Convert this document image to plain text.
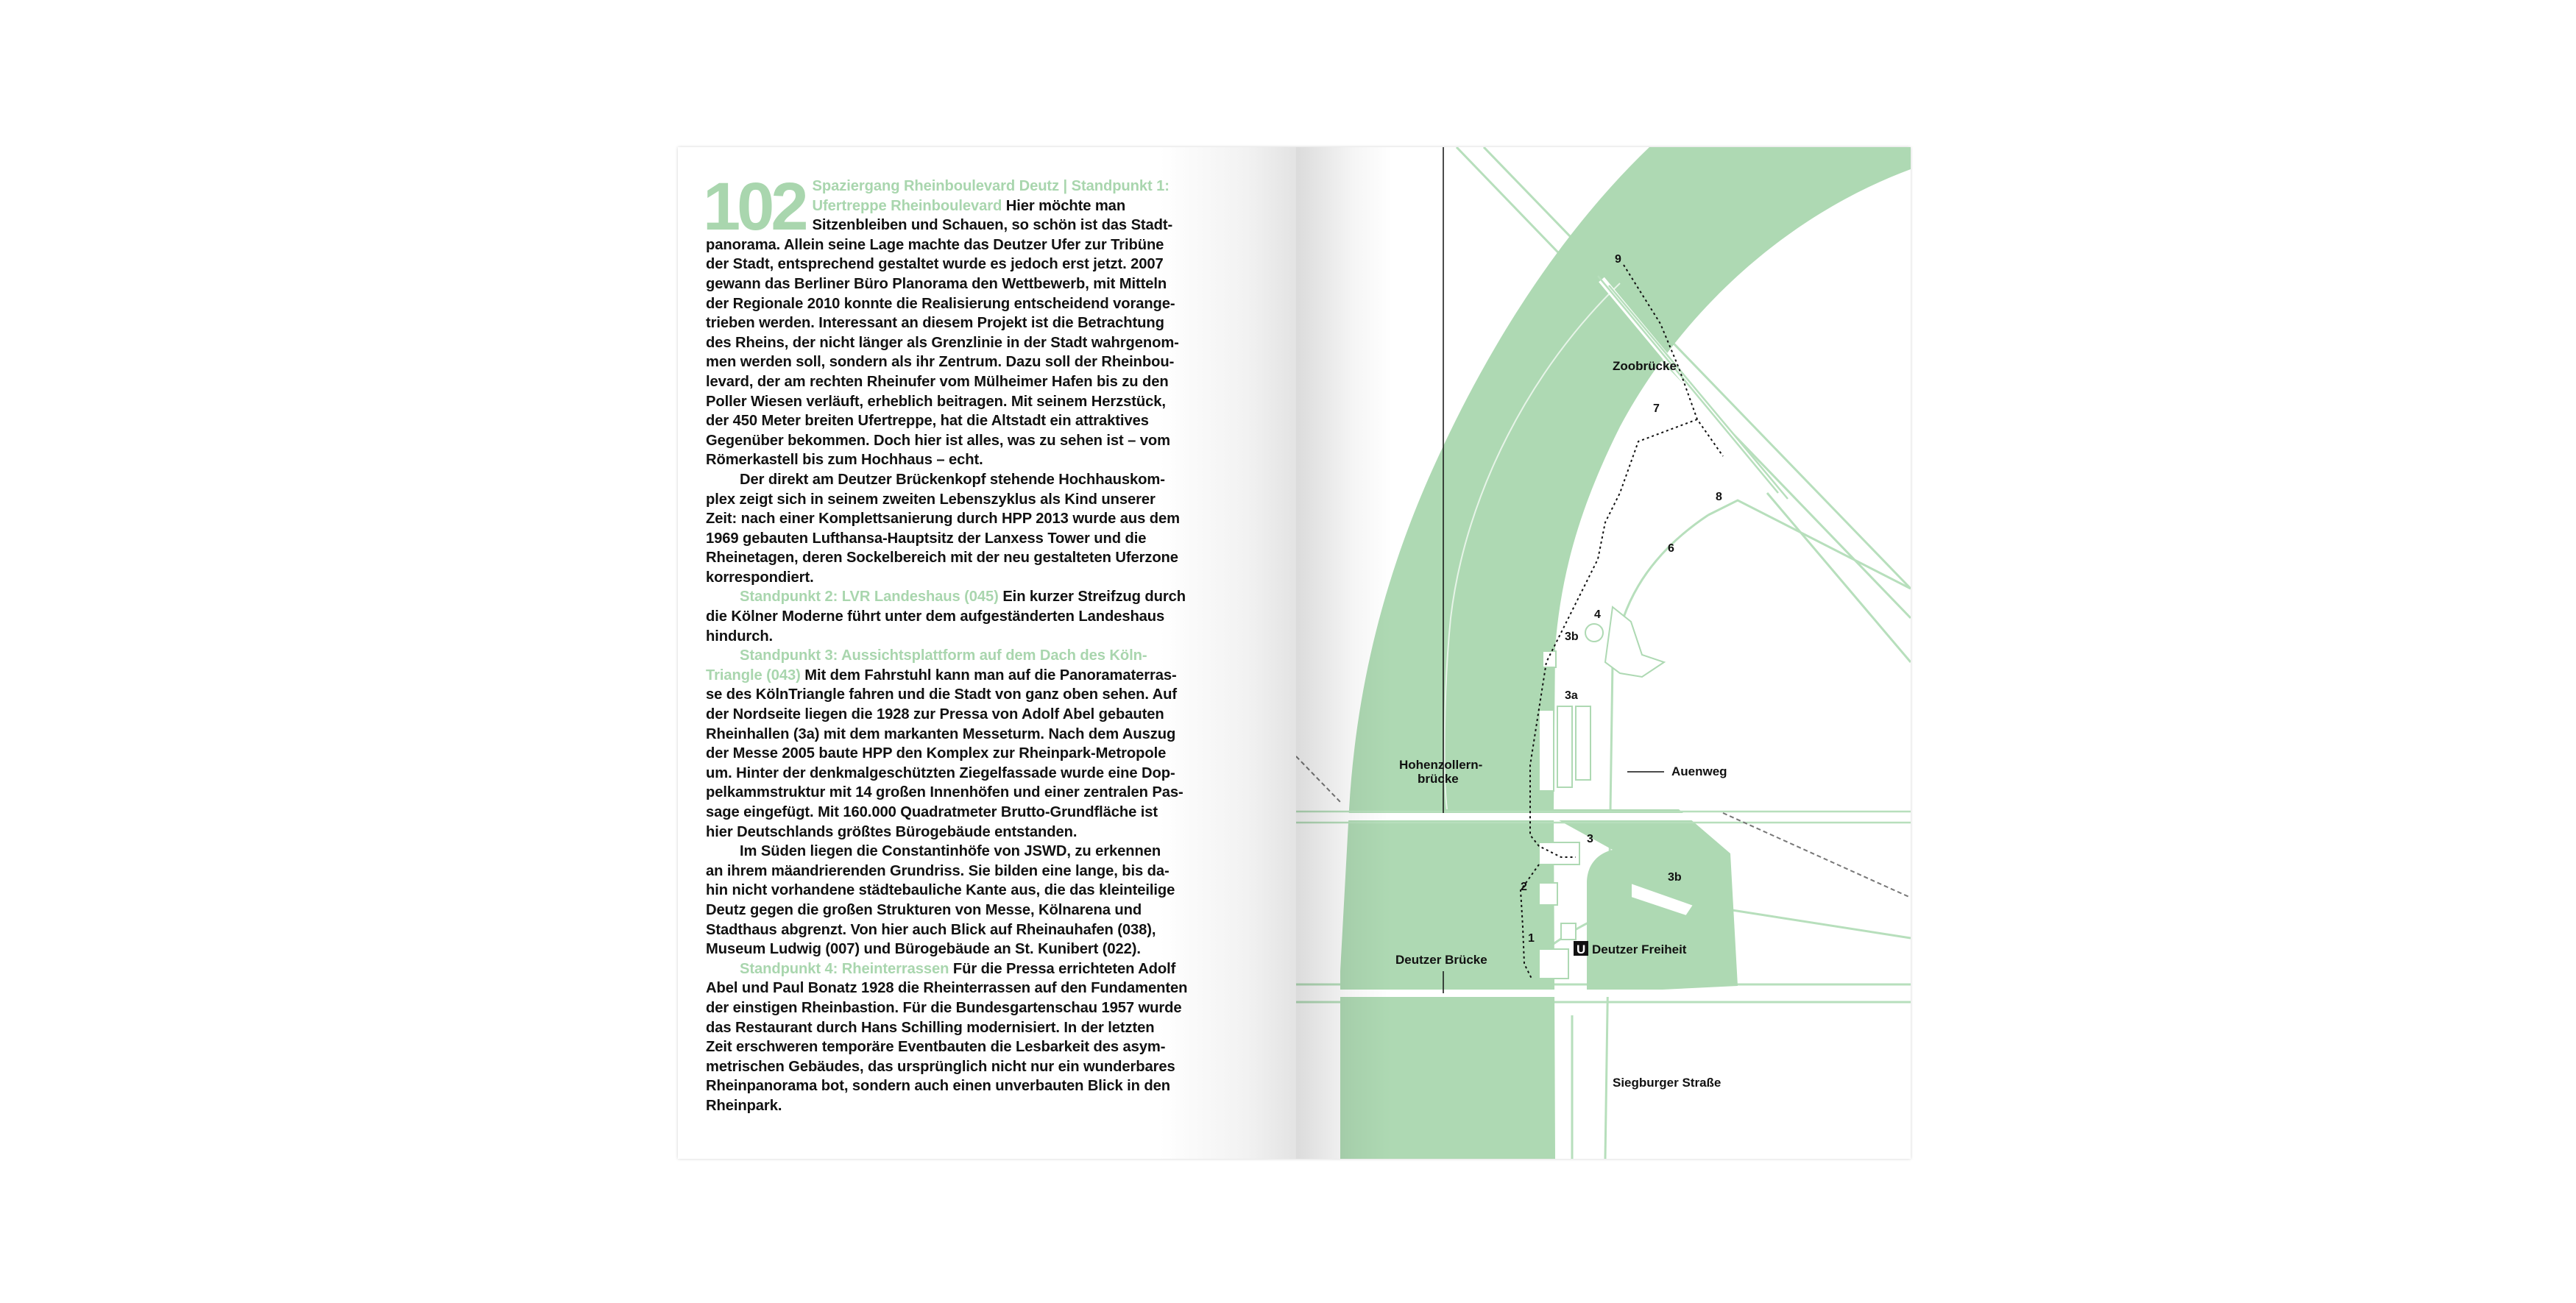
102 Spaziergang Rheinboulevard Deutz | Standpunkt 1:
Ufertreppe Rheinboulevard Hier möchte man
Sitzenbleiben und Schauen, so schön ist das Stadt-
panorama. Allein seine Lage machte das Deutzer Ufer zur Tribüne
der Stadt, entsprechend gestaltet wurde es jedoch erst jetzt. 2007
gewann das Berliner Büro Planorama den Wettbewerb, mit Mitteln
der Regionale 2010 konnte die Realisierung entscheidend vorange-
trieben werden. Interessant an diesem Projekt ist die Betrachtung
des Rheins, der nicht länger als Grenzlinie in der Stadt wahrgenom-
men werden soll, sondern als ihr Zentrum. Dazu soll der Rheinbou-
levard, der am rechten Rheinufer vom Mülheimer Hafen bis zu den
Poller Wiesen verläuft, erheblich beitragen. Mit seinem Herzstück,
der 450 Meter breiten Ufertreppe, hat die Altstadt ein attraktives
Gegenüber bekommen. Doch hier ist alles, was zu sehen ist – vom
Römerkastell bis zum Hochhaus – echt.
Der direkt am Deutzer Brückenkopf stehende Hochhauskom-
plex zeigt sich in seinem zweiten Lebenszyklus als Kind unserer
Zeit: nach einer Komplettsanierung durch HPP 2013 wurde aus dem
1969 gebauten Lufthansa-Hauptsitz der Lanxess Tower und die
Rheinetagen, deren Sockelbereich mit der neu gestalteten Uferzone
korrespondiert.
Standpunkt 2: LVR Landeshaus (045) Ein kurzer Streifzug durch
die Kölner Moderne führt unter dem aufgeständerten Landeshaus
hindurch.
Standpunkt 3: Aussichtsplattform auf dem Dach des Köln-
Triangle (043) Mit dem Fahrstuhl kann man auf die Panoramaterras-
se des KölnTriangle fahren und die Stadt von ganz oben sehen. Auf
der Nordseite liegen die 1928 zur Pressa von Adolf Abel gebauten
Rheinhallen (3a) mit dem markanten Messeturm. Nach dem Auszug
der Messe 2005 baute HPP den Komplex zur Rheinpark-Metropole
um. Hinter der denkmalgeschützten Ziegelfassade wurde eine Dop-
pelkammstruktur mit 14 großen Innenhöfen und einer zentralen Pas-
sage eingefügt. Mit 160.000 Quadratmeter Brutto-Grundfläche ist
hier Deutschlands größtes Bürogebäude entstanden.
Im Süden liegen die Constantinhöfe von JSWD, zu erkennen
an ihrem mäandrierenden Grundriss. Sie bilden eine lange, bis da-
hin nicht vorhandene städtebauliche Kante aus, die das kleinteilige
Deutz gegen die großen Strukturen von Messe, Kölnarena und
Stadthaus abgrenzt. Von hier auch Blick auf Rheinauhafen (038),
Museum Ludwig (007) und Bürogebäude an St. Kunibert (022).
Standpunkt 4: Rheinterrassen Für die Pressa errichteten Adolf
Abel und Paul Bonatz 1928 die Rheinterrassen auf den Fundamenten
der einstigen Rheinbastion. Für die Bundesgartenschau 1957 wurde
das Restaurant durch Hans Schilling modernisiert. In der letzten
Zeit erschweren temporäre Eventbauten die Lesbarkeit des asym-
metrischen Gebäudes, das ursprünglich nicht nur ein wunderbares
Rheinpanorama bot, sondern auch einen unverbauten Blick in den
Rheinpark.
Zoobrücke
Hohenzollern-
brücke
Deutzer Brücke
Auenweg
Siegburger Straße
U Deutzer Freiheit
9
7
8
6
4
3b
3a
3
3b
2
1
